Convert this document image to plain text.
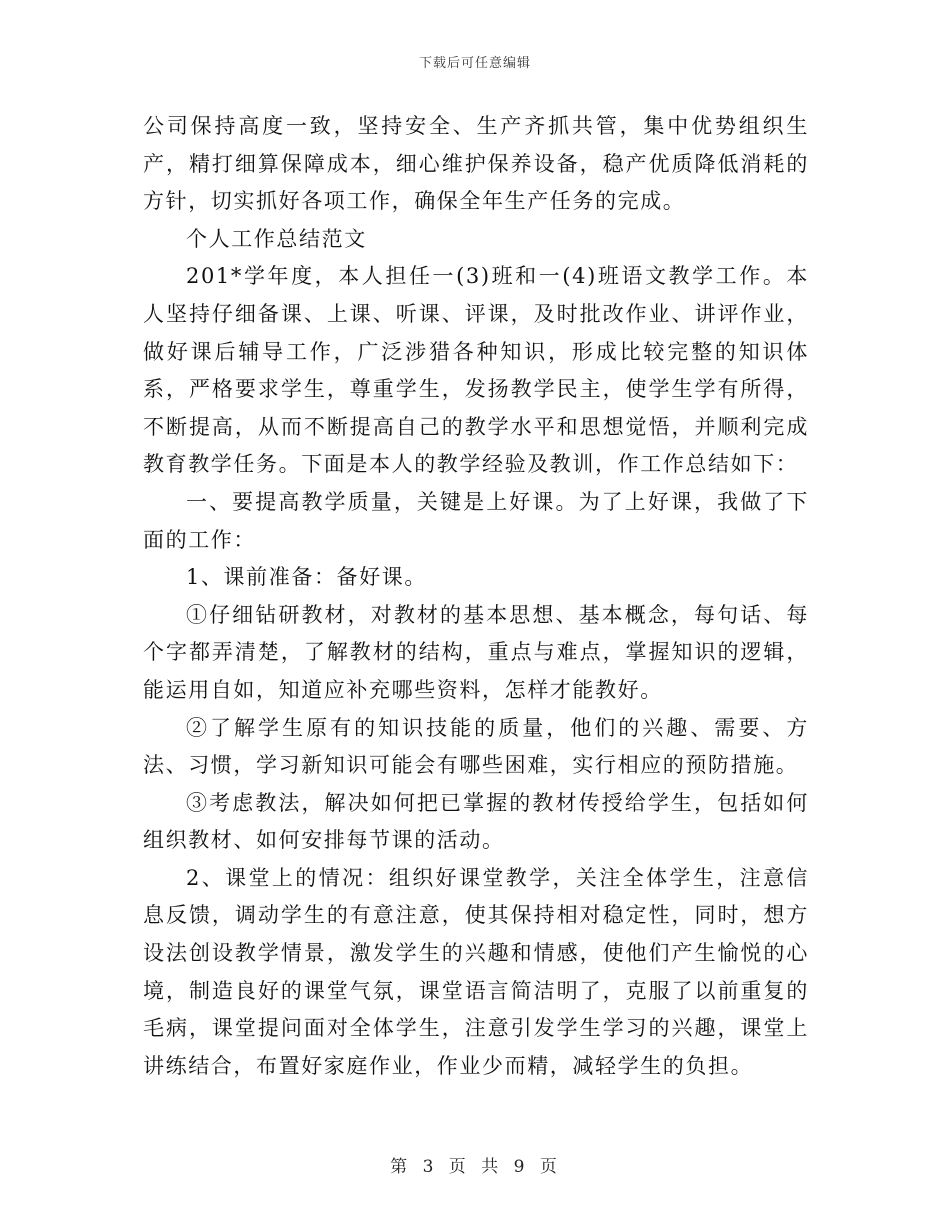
下载后可任意编辑

公司保持高度一致，坚持安全、生产齐抓共管，集中优势组织生产，精打细算保障成本，细心维护保养设备，稳产优质降低消耗的方针，切实抓好各项工作，确保全年生产任务的完成。

个人工作总结范文

201*学年度，本人担任一(3)班和一(4)班语文教学工作。本人坚持仔细备课、上课、听课、评课，及时批改作业、讲评作业，做好课后辅导工作，广泛涉猎各种知识，形成比较完整的知识体系，严格要求学生，尊重学生，发扬教学民主，使学生学有所得，不断提高，从而不断提高自己的教学水平和思想觉悟，并顺利完成教育教学任务。下面是本人的教学经验及教训，作工作总结如下：

一、要提高教学质量，关键是上好课。为了上好课，我做了下面的工作：

1、课前准备：备好课。

①仔细钻研教材，对教材的基本思想、基本概念，每句话、每个字都弄清楚，了解教材的结构，重点与难点，掌握知识的逻辑，能运用自如，知道应补充哪些资料，怎样才能教好。

②了解学生原有的知识技能的质量，他们的兴趣、需要、方法、习惯，学习新知识可能会有哪些困难，实行相应的预防措施。

③考虑教法，解决如何把已掌握的教材传授给学生，包括如何组织教材、如何安排每节课的活动。

2、课堂上的情况：组织好课堂教学，关注全体学生，注意信息反馈，调动学生的有意注意，使其保持相对稳定性，同时，想方设法创设教学情景，激发学生的兴趣和情感，使他们产生愉悦的心境，制造良好的课堂气氛，课堂语言简洁明了，克服了以前重复的毛病，课堂提问面对全体学生，注意引发学生学习的兴趣，课堂上讲练结合，布置好家庭作业，作业少而精，减轻学生的负担。

第 3 页 共 9 页
